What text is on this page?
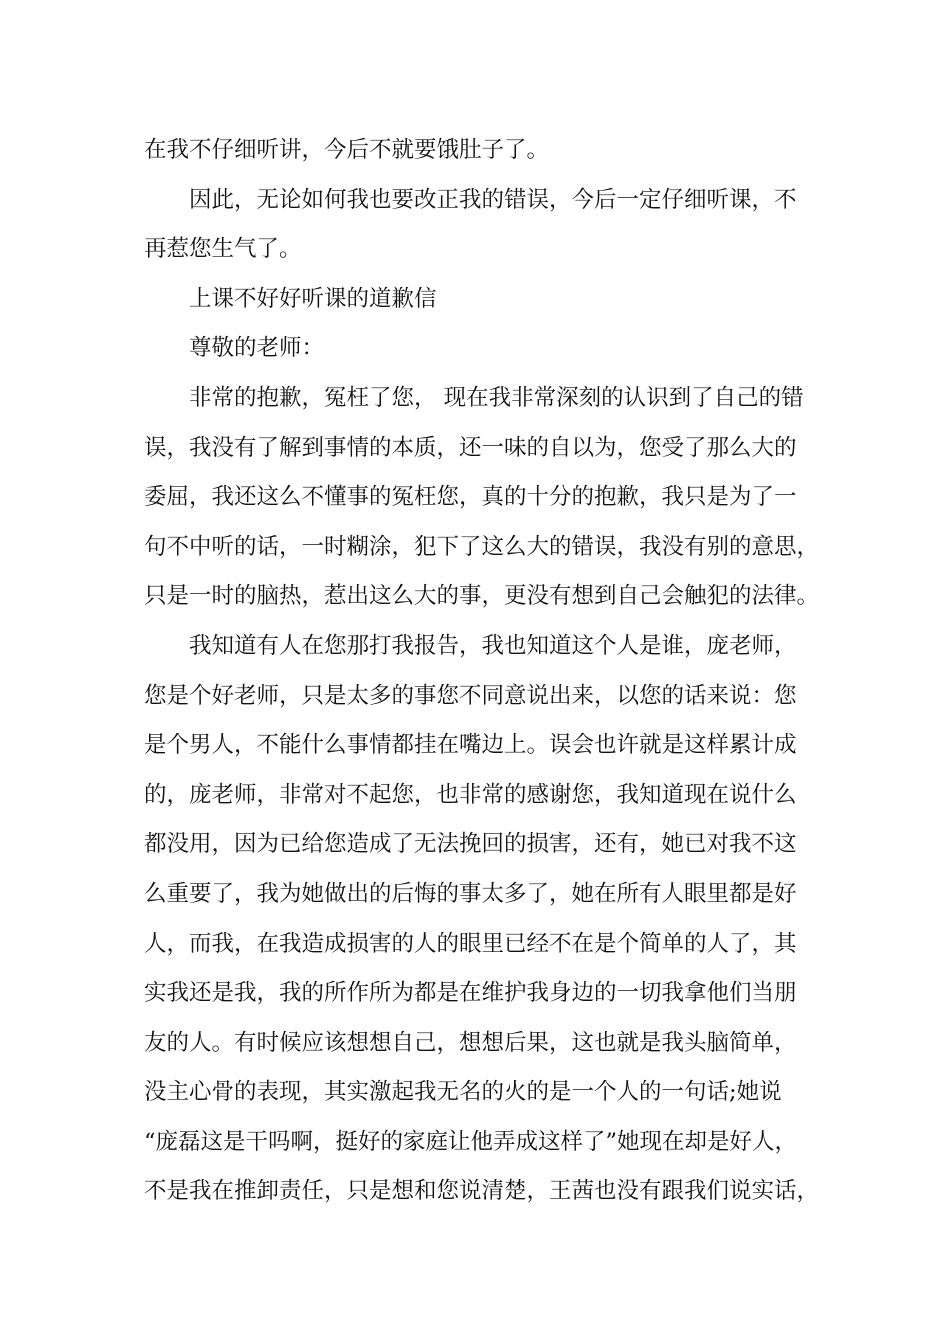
在我不仔细听讲，今后不就要饿肚子了。

因此，无论如何我也要改正我的错误，今后一定仔细听课，不

再惹您生气了。

上课不好好听课的道歉信

尊敬的老师：

非常的抱歉，冤枉了您， 现在我非常深刻的认识到了自己的错

误，我没有了解到事情的本质，还一味的自以为，您受了那么大的

委屈，我还这么不懂事的冤枉您，真的十分的抱歉，我只是为了一

句不中听的话，一时糊涂，犯下了这么大的错误，我没有别的意思，

只是一时的脑热，惹出这么大的事，更没有想到自己会触犯的法律。

我知道有人在您那打我报告，我也知道这个人是谁，庞老师，

您是个好老师，只是太多的事您不同意说出来，以您的话来说：您

是个男人，不能什么事情都挂在嘴边上。误会也许就是这样累计成

的，庞老师，非常对不起您，也非常的感谢您，我知道现在说什么

都没用，因为已给您造成了无法挽回的损害，还有，她已对我不这

么重要了，我为她做出的后悔的事太多了，她在所有人眼里都是好

人，而我，在我造成损害的人的眼里已经不在是个简单的人了，其

实我还是我，我的所作所为都是在维护我身边的一切我拿他们当朋

友的人。有时候应该想想自己，想想后果，这也就是我头脑简单，

没主心骨的表现，其实激起我无名的火的是一个人的一句话;她说

“庞磊这是干吗啊，挺好的家庭让他弄成这样了”她现在却是好人，

不是我在推卸责任，只是想和您说清楚，王茜也没有跟我们说实话，
